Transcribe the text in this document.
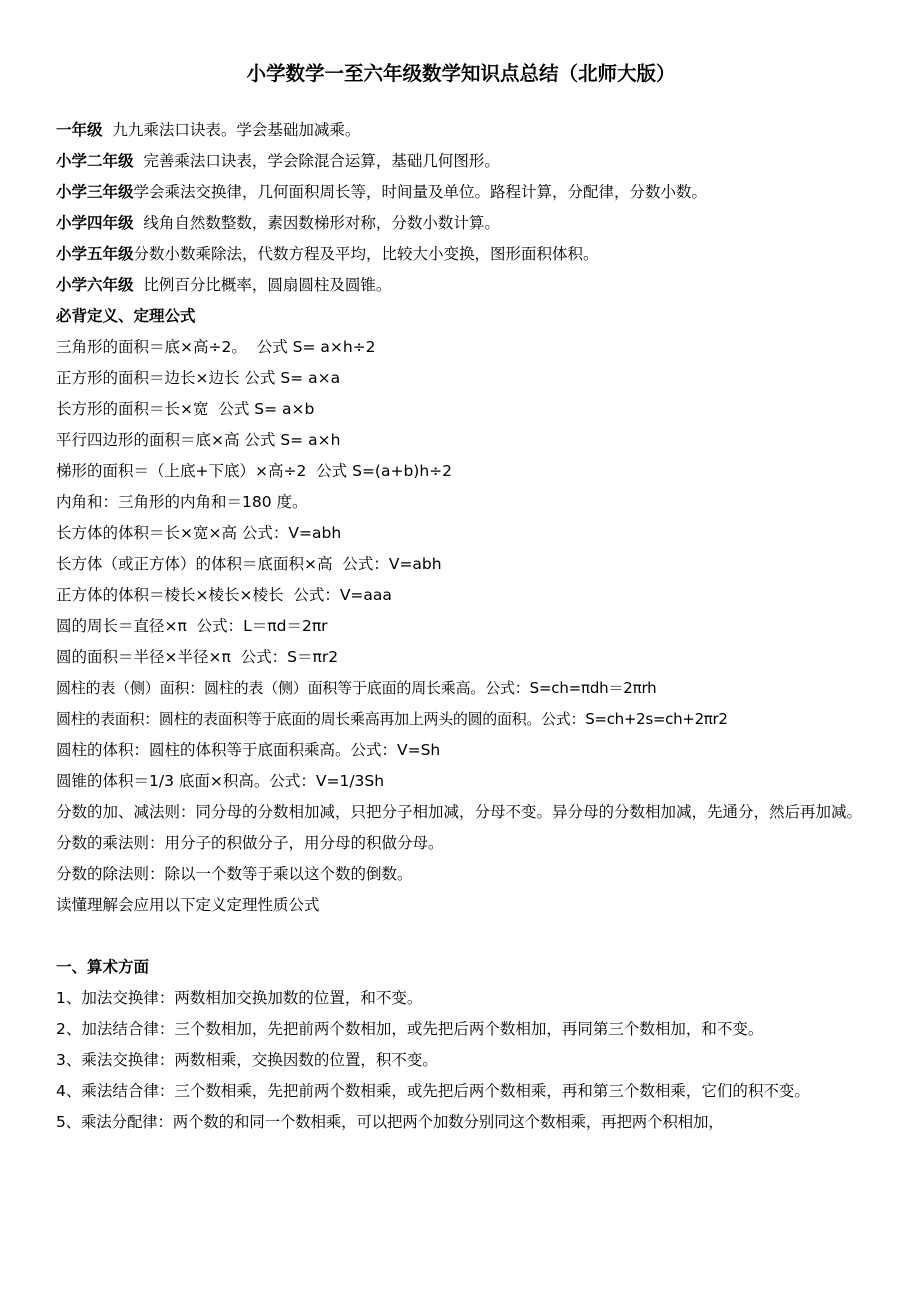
小学数学一至六年级数学知识点总结（北师大版）
一年级 九九乘法口诀表。学会基础加减乘。
小学二年级 完善乘法口诀表，学会除混合运算，基础几何图形。
小学三年级学会乘法交换律，几何面积周长等，时间量及单位。路程计算，分配律，分数小数。
小学四年级 线角自然数整数，素因数梯形对称，分数小数计算。
小学五年级分数小数乘除法，代数方程及平均，比较大小变换，图形面积体积。
小学六年级 比例百分比概率，圆扇圆柱及圆锥。
必背定义、定理公式
三角形的面积＝底×高÷2。  公式 S= a×h÷2
正方形的面积＝边长×边长 公式 S= a×a
长方形的面积＝长×宽  公式 S= a×b
平行四边形的面积＝底×高 公式 S= a×h
梯形的面积＝（上底+下底）×高÷2  公式 S=(a+b)h÷2
内角和：三角形的内角和＝180 度。
长方体的体积＝长×宽×高 公式：V=abh
长方体（或正方体）的体积＝底面积×高  公式：V=abh
正方体的体积＝棱长×棱长×棱长  公式：V=aaa
圆的周长＝直径×π  公式：L＝πd＝2πr
圆的面积＝半径×半径×π  公式：S＝πr2
圆柱的表（侧）面积：圆柱的表（侧）面积等于底面的周长乘高。公式：S=ch=πdh＝2πrh
圆柱的表面积：圆柱的表面积等于底面的周长乘高再加上两头的圆的面积。公式：S=ch+2s=ch+2πr2
圆柱的体积：圆柱的体积等于底面积乘高。公式：V=Sh
圆锥的体积＝1/3 底面×积高。公式：V=1/3Sh
分数的加、减法则：同分母的分数相加减，只把分子相加减，分母不变。异分母的分数相加减，先通分，然后再加减。
分数的乘法则：用分子的积做分子，用分母的积做分母。
分数的除法则：除以一个数等于乘以这个数的倒数。
读懂理解会应用以下定义定理性质公式
一、算术方面
1、加法交换律：两数相加交换加数的位置，和不变。
2、加法结合律：三个数相加，先把前两个数相加，或先把后两个数相加，再同第三个数相加，和不变。
3、乘法交换律：两数相乘，交换因数的位置，积不变。
4、乘法结合律：三个数相乘，先把前两个数相乘，或先把后两个数相乘，再和第三个数相乘，它们的积不变。
5、乘法分配律：两个数的和同一个数相乘，可以把两个加数分别同这个数相乘，再把两个积相加，
